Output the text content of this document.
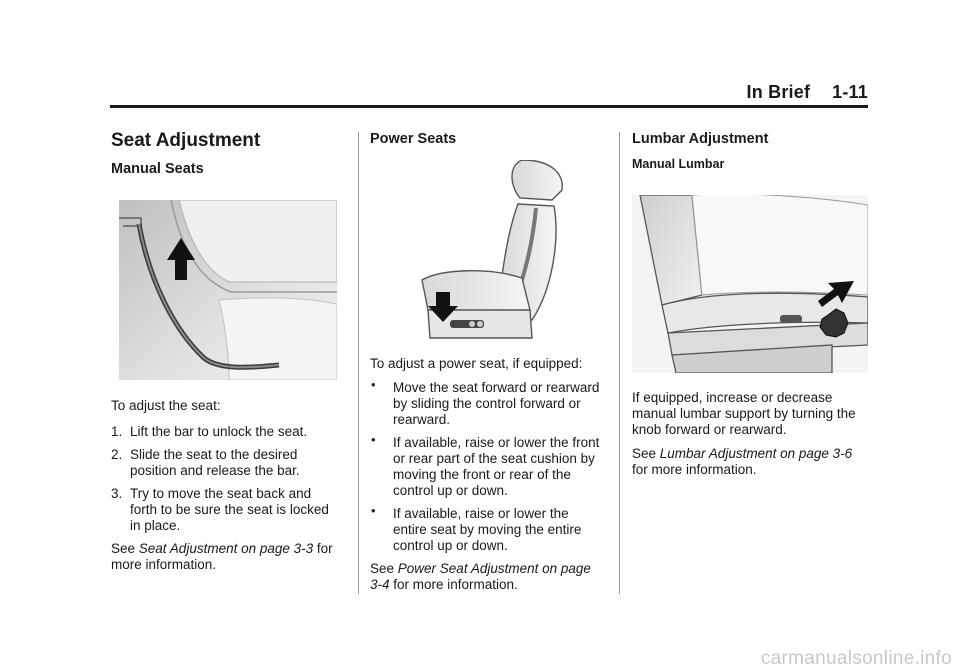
In Brief 1-11
Seat Adjustment
Manual Seats

To adjust the seat:

1. Lift the bar to unlock the seat.
2. Slide the seat to the desired position and release the bar.
3. Try to move the seat back and forth to be sure the seat is locked in place.

See Seat Adjustment on page 3-3 for more information.

Power Seats

To adjust a power seat, if equipped:

• Move the seat forward or rearward by sliding the control forward or rearward.
• If available, raise or lower the front or rear part of the seat cushion by moving the front or rear of the control up or down.
• If available, raise or lower the entire seat by moving the entire control up or down.

See Power Seat Adjustment on page 3-4 for more information.

Lumbar Adjustment
Manual Lumbar

If equipped, increase or decrease manual lumbar support by turning the knob forward or rearward.

See Lumbar Adjustment on page 3-6 for more information.

carmanualsonline.info
